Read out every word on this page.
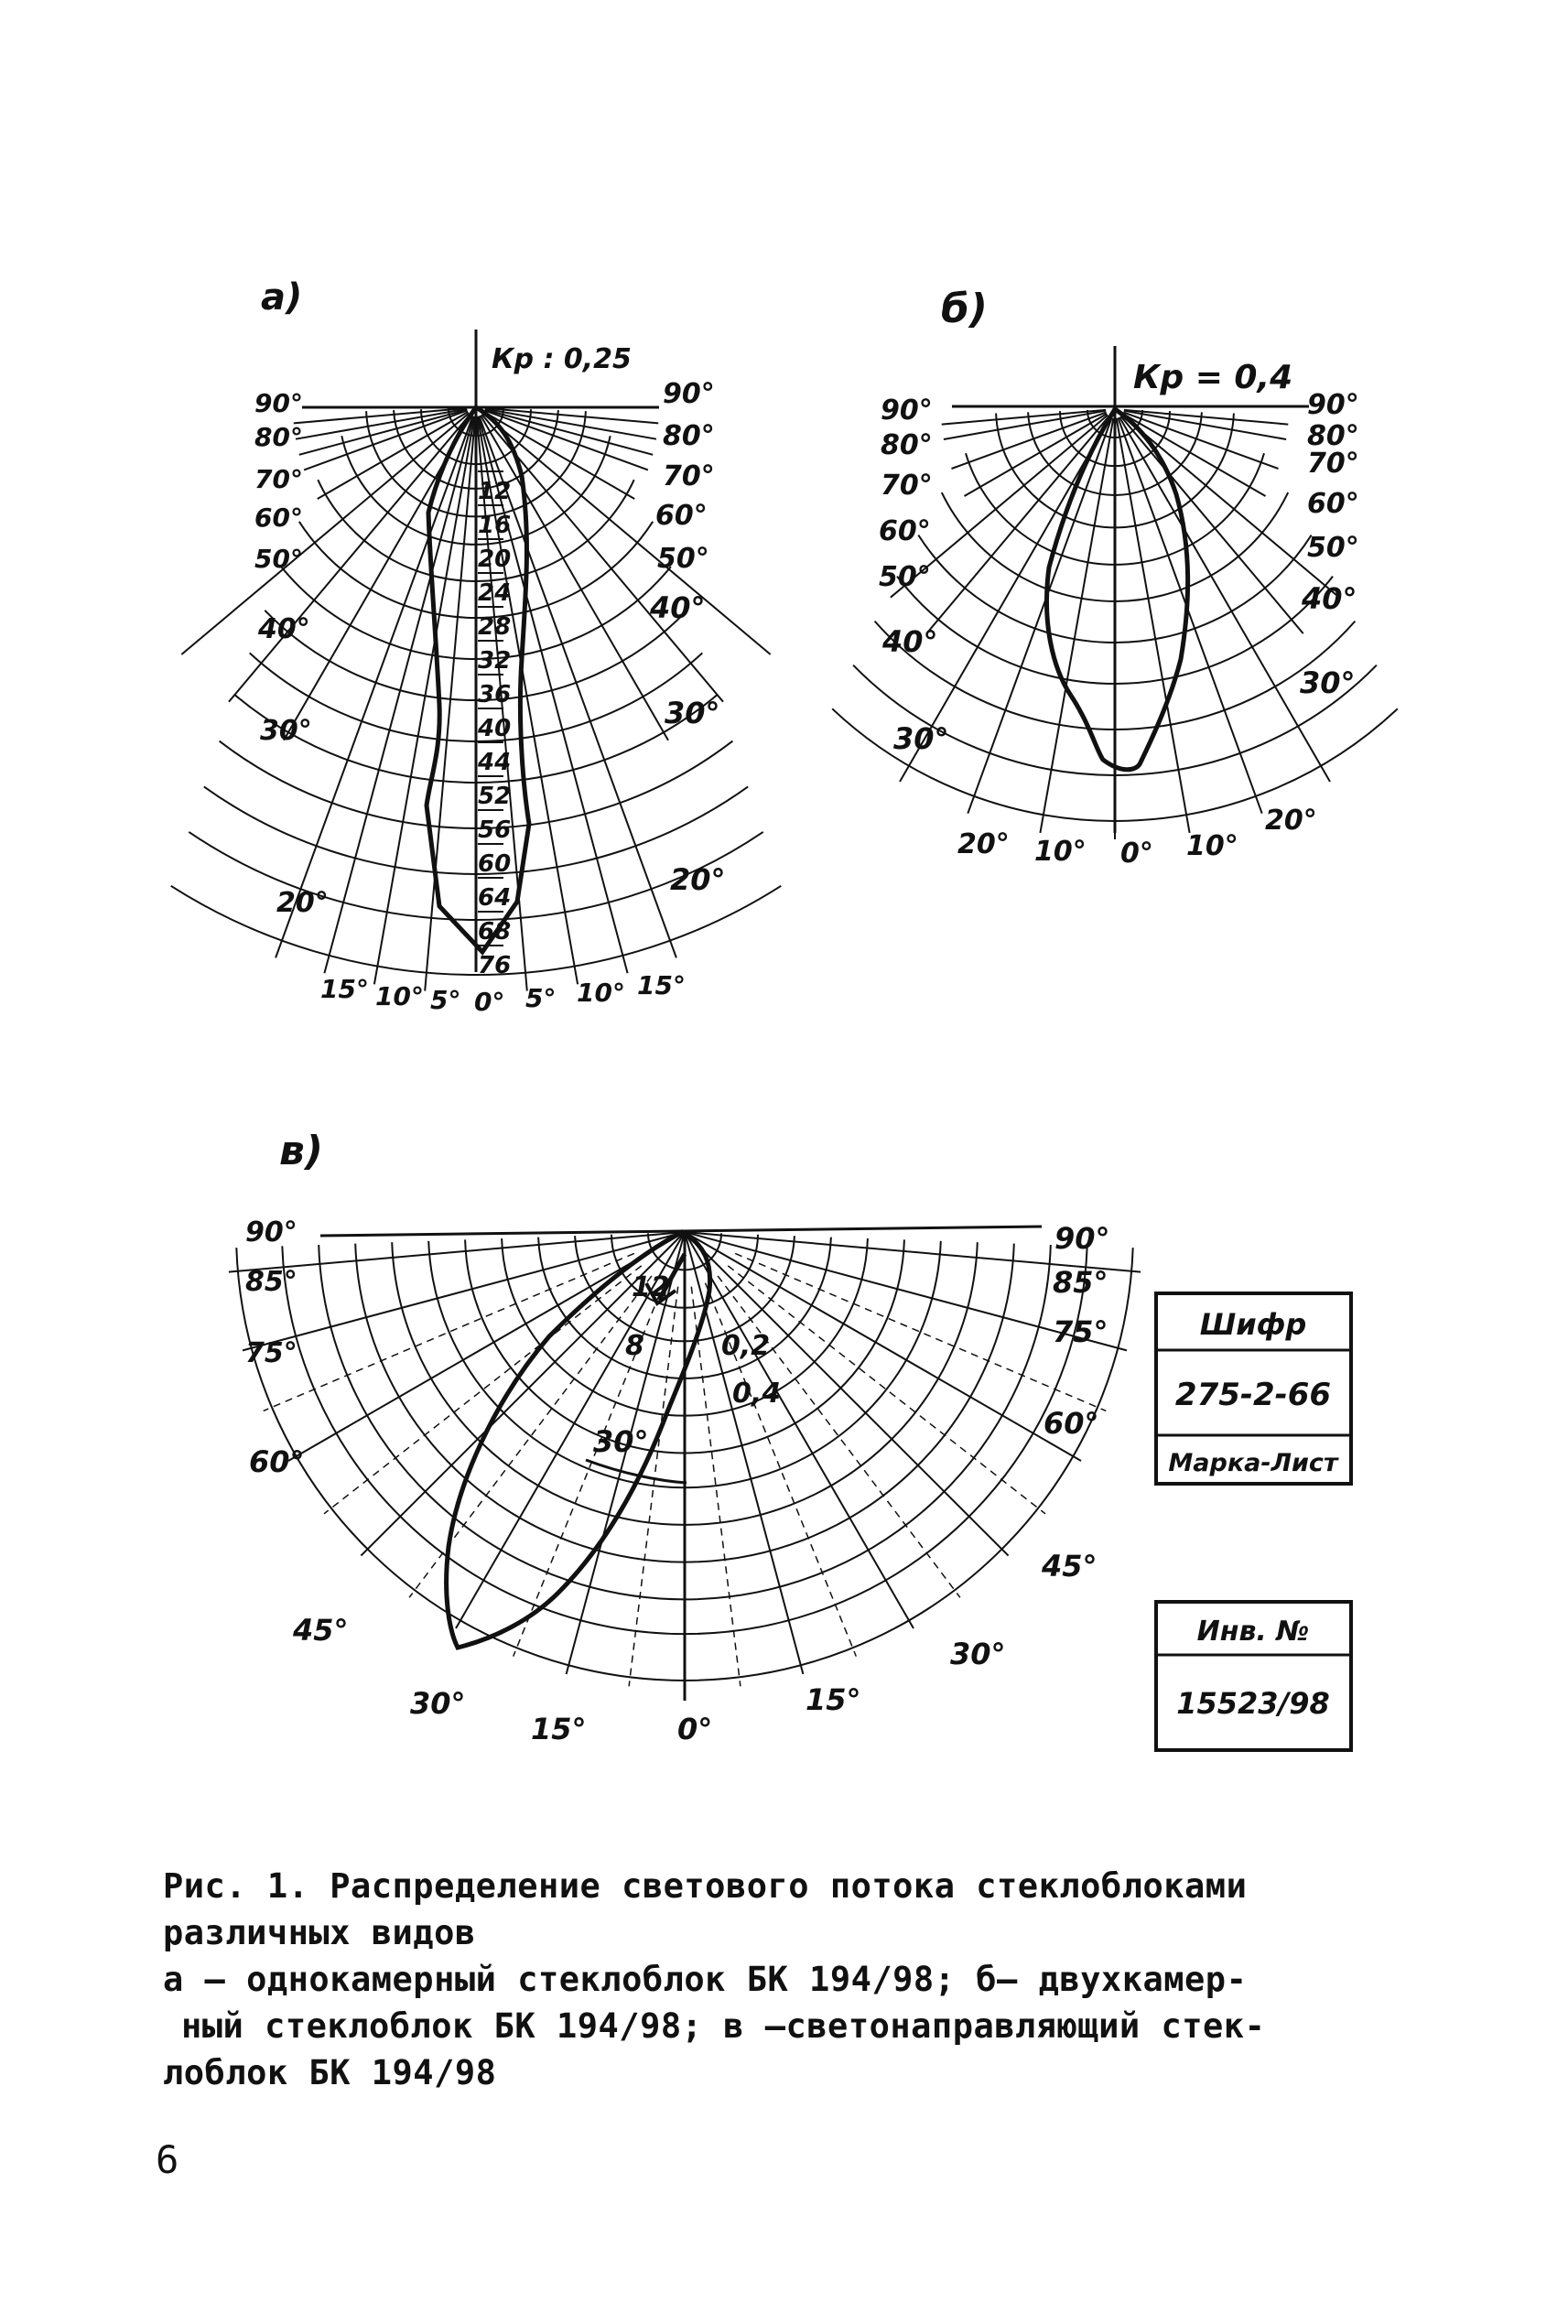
а)
Кр : 0,25
12
16
20
24
28
32
36
40
44
52
56
60
64
68
76
90°
80°
70°
60°
50°
40°
30°
20°
90°
80°
70°
60°
50°
40°
30°
20°
15° 10° 5° 0° 5° 10° 15°
б)
Кр = 0,4
90°
80°
70°
60°
50°
40°
30°
90°
80°
70°
60°
50°
40°
30°
20° 10° 0° 10°
20°
в)
12
8	0,2
0,4
30°
90°
85°
75°
60°
45°
30°
15°
90°
85°
75°
60°
45°
30°
15°
0°
Шифр
275-2-66
Марка-Лист
Инв. №
15523/98
Рис. 1. Распределение светового потока стеклоблоками
различных видов
а – однокамерный стеклоблок БК 194/98; б– двухкамер-
ный стеклоблок БК 194/98; в –светонаправляющий стек-
лоблок БК 194/98
6
